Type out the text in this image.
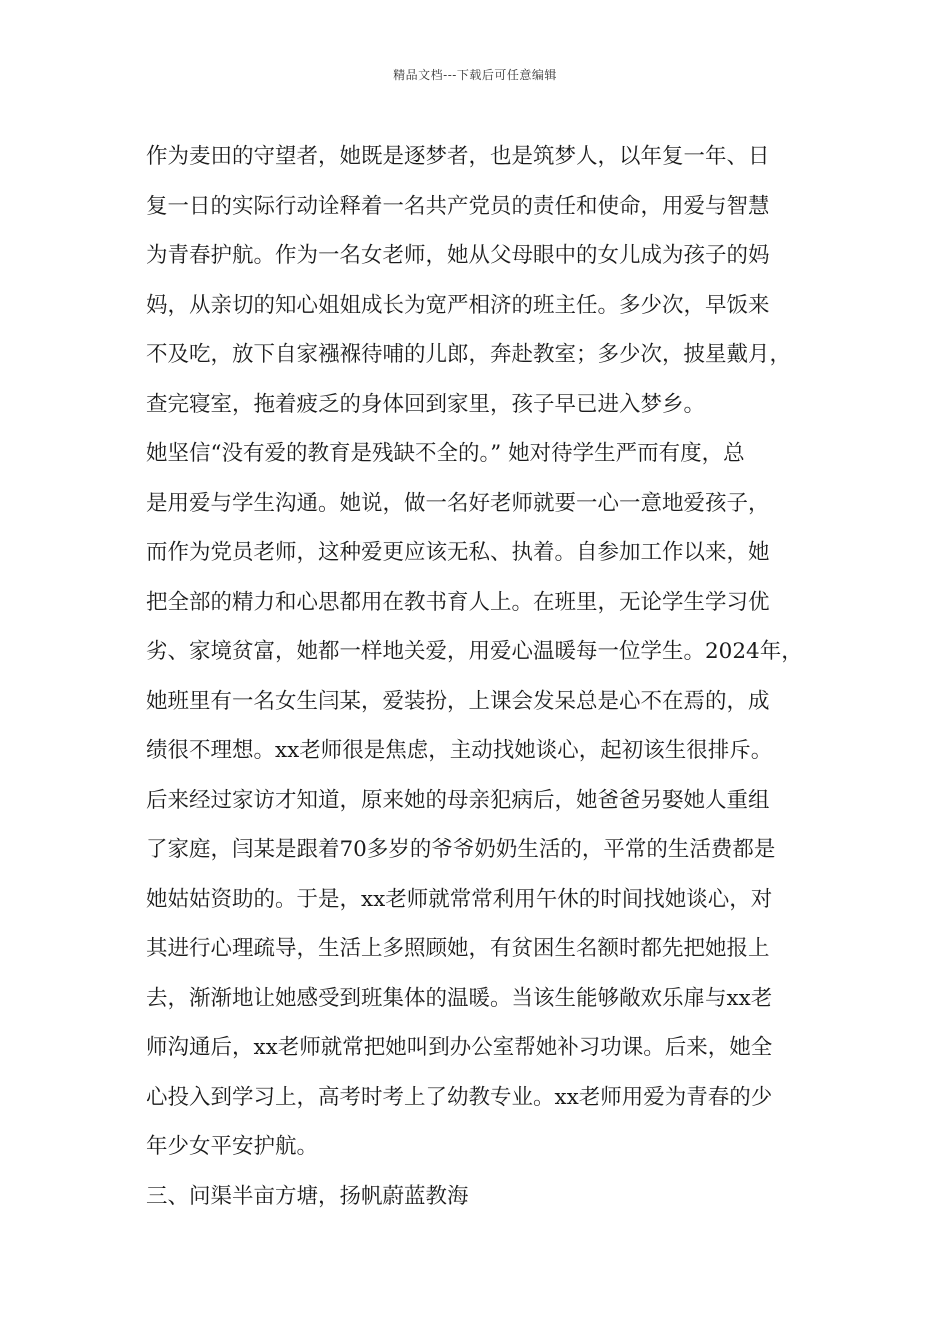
精品文档---下载后可任意编辑
作为麦田的守望者，她既是逐梦者，也是筑梦人，以年复一年、日
复一日的实际行动诠释着一名共产党员的责任和使命，用爱与智慧
为青春护航。作为一名女老师，她从父母眼中的女儿成为孩子的妈
妈，从亲切的知心姐姐成长为宽严相济的班主任。多少次，早饭来
不及吃，放下自家襁褓待哺的儿郎，奔赴教室；多少次，披星戴月，
查完寝室，拖着疲乏的身体回到家里，孩子早已进入梦乡。
她坚信“没有爱的教育是残缺不全的。” 她对待学生严而有度，总
是用爱与学生沟通。她说，做一名好老师就要一心一意地爱孩子，
而作为党员老师，这种爱更应该无私、执着。自参加工作以来，她
把全部的精力和心思都用在教书育人上。在班里，无论学生学习优
劣、家境贫富，她都一样地关爱，用爱心温暖每一位学生。2024年，
她班里有一名女生闫某，爱装扮，上课会发呆总是心不在焉的，成
绩很不理想。xx老师很是焦虑，主动找她谈心，起初该生很排斥。
后来经过家访才知道，原来她的母亲犯病后，她爸爸另娶她人重组
了家庭，闫某是跟着70多岁的爷爷奶奶生活的，平常的生活费都是
她姑姑资助的。于是，xx老师就常常利用午休的时间找她谈心，对
其进行心理疏导，生活上多照顾她，有贫困生名额时都先把她报上
去，渐渐地让她感受到班集体的温暖。当该生能够敞欢乐扉与xx老
师沟通后，xx老师就常把她叫到办公室帮她补习功课。后来，她全
心投入到学习上，高考时考上了幼教专业。xx老师用爱为青春的少
年少女平安护航。
三、问渠半亩方塘，扬帆蔚蓝教海
